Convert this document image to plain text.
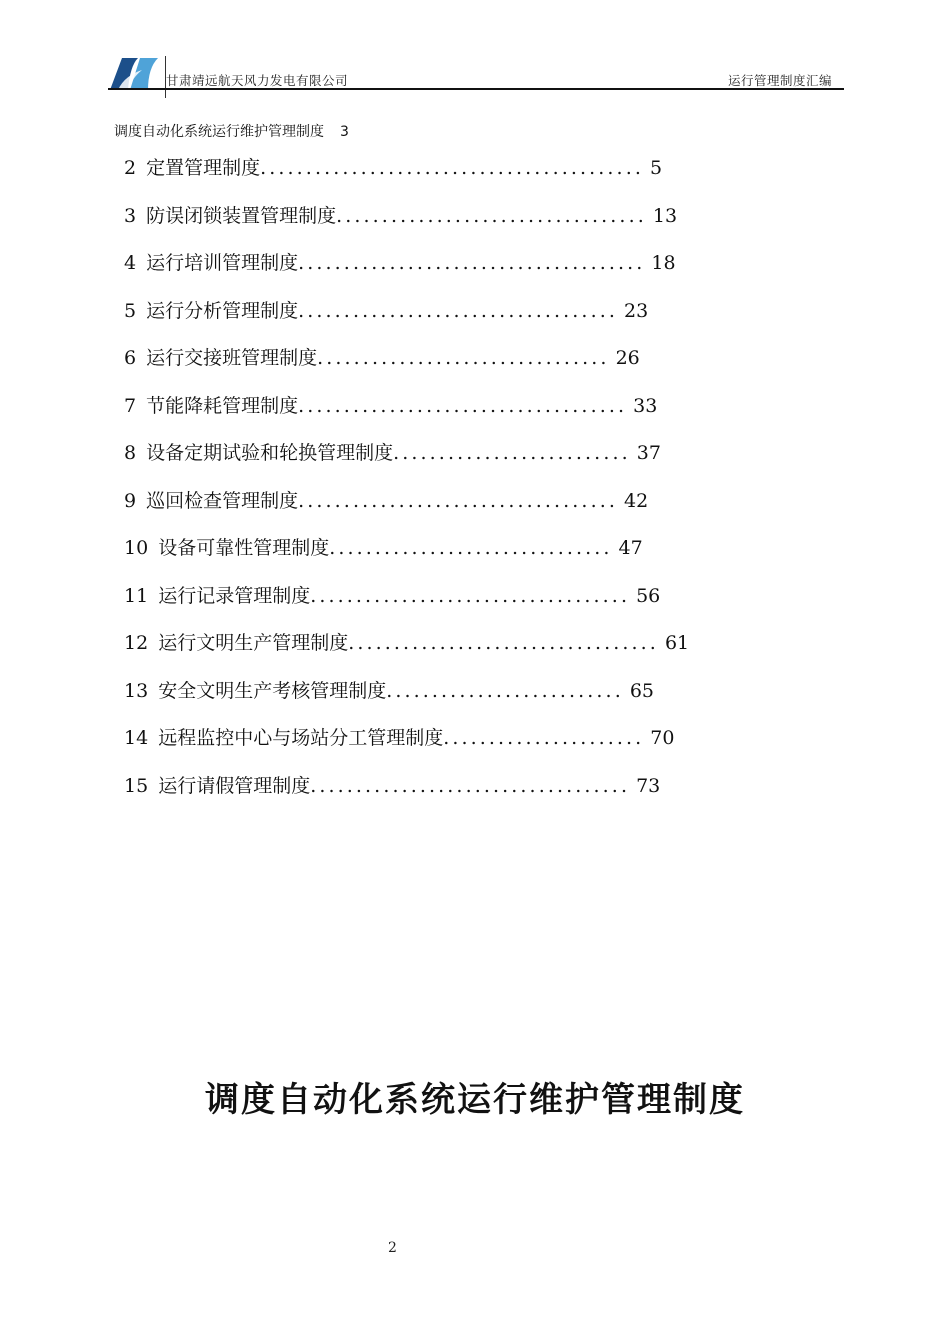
甘肃靖远航天风力发电有限公司	运行管理制度汇编
调度自动化系统运行维护管理制度 3
2 定置管理制度.......................................... 5
3 防误闭锁装置管理制度.................................. 13
4 运行培训管理制度...................................... 18
5 运行分析管理制度................................... 23
6 运行交接班管理制度................................ 26
7 节能降耗管理制度.................................... 33
8 设备定期试验和轮换管理制度.......................... 37
9 巡回检查管理制度................................... 42
10 设备可靠性管理制度............................... 47
11 运行记录管理制度................................... 56
12 运行文明生产管理制度.................................. 61
13 安全文明生产考核管理制度.......................... 65
14 远程监控中心与场站分工管理制度...................... 70
15 运行请假管理制度................................... 73
调度自动化系统运行维护管理制度
2
